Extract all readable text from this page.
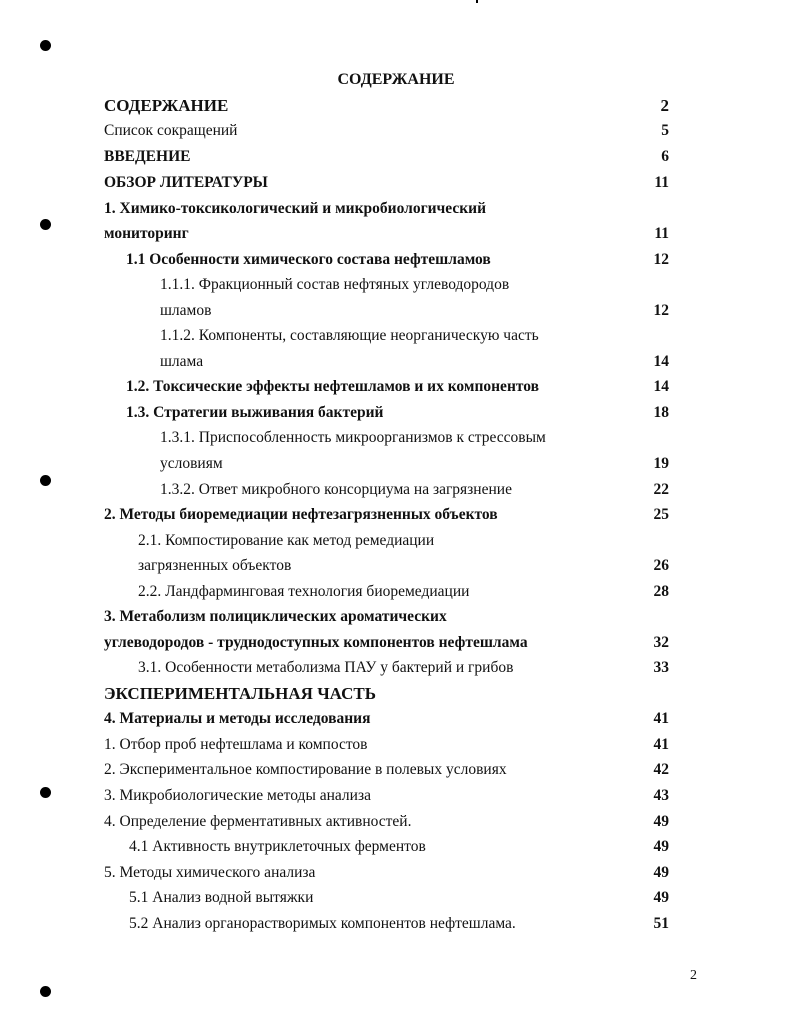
СОДЕРЖАНИЕ
СОДЕРЖАНИЕ	2
Список сокращений	5
ВВЕДЕНИЕ	6
ОБЗОР ЛИТЕРАТУРЫ	11
1. Химико-токсикологический и микробиологический
мониторинг	11
1.1 Особенности химического состава нефтешламов	12
1.1.1. Фракционный состав нефтяных углеводородов
шламов	12
1.1.2. Компоненты, составляющие неорганическую часть
шлама	14
1.2. Токсические эффекты нефтешламов и их компонентов	14
1.3. Стратегии выживания бактерий	18
1.3.1. Приспособленность микроорганизмов к стрессовым
условиям	19
1.3.2. Ответ микробного консорциума на загрязнение	22
2. Методы биоремедиации нефтезагрязненных объектов	25
2.1. Компостирование как метод ремедиации
загрязненных объектов	26
2.2. Ландфарминговая технология биоремедиации	28
3. Метаболизм полициклических ароматических
углеводородов - труднодоступных компонентов нефтешлама	32
3.1. Особенности метаболизма ПАУ у бактерий и грибов	33
ЭКСПЕРИМЕНТАЛЬНАЯ ЧАСТЬ
4. Материалы и методы исследования	41
1. Отбор проб нефтешлама и компостов	41
2. Экспериментальное компостирование в полевых условиях	42
3. Микробиологические методы анализа	43
4. Определение ферментативных активностей.	49
4.1 Активность внутриклеточных ферментов	49
5. Методы химического анализа	49
5.1 Анализ водной вытяжки	49
5.2 Анализ органорастворимых компонентов нефтешлама.	51
2
